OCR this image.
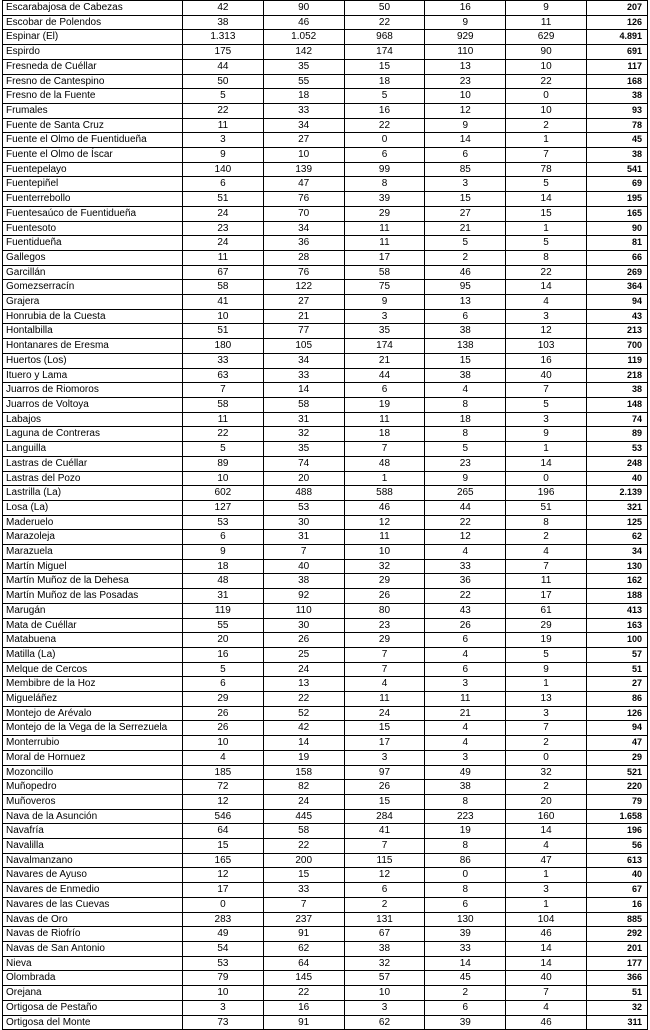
Escarabajosa de Cabezas	42	90	50	16	9	207
Escobar de Polendos	38	46	22	9	11	126
Espinar (El)	1.313	1.052	968	929	629	4.891
Espirdo	175	142	174	110	90	691
Fresneda de Cuéllar	44	35	15	13	10	117
Fresno de Cantespino	50	55	18	23	22	168
Fresno de la Fuente	5	18	5	10	0	38
Frumales	22	33	16	12	10	93
Fuente de Santa Cruz	11	34	22	9	2	78
Fuente el Olmo de Fuentidueña	3	27	0	14	1	45
Fuente el Olmo de Íscar	9	10	6	6	7	38
Fuentepelayo	140	139	99	85	78	541
Fuentepiñel	6	47	8	3	5	69
Fuenterrebollo	51	76	39	15	14	195
Fuentesaúco de Fuentidueña	24	70	29	27	15	165
Fuentesoto	23	34	11	21	1	90
Fuentidueña	24	36	11	5	5	81
Gallegos	11	28	17	2	8	66
Garcillán	67	76	58	46	22	269
Gomezserracín	58	122	75	95	14	364
Grajera	41	27	9	13	4	94
Honrubia de la Cuesta	10	21	3	6	3	43
Hontalbilla	51	77	35	38	12	213
Hontanares de Eresma	180	105	174	138	103	700
Huertos (Los)	33	34	21	15	16	119
Ituero y Lama	63	33	44	38	40	218
Juarros de Riomoros	7	14	6	4	7	38
Juarros de Voltoya	58	58	19	8	5	148
Labajos	11	31	11	18	3	74
Laguna de Contreras	22	32	18	8	9	89
Languilla	5	35	7	5	1	53
Lastras de Cuéllar	89	74	48	23	14	248
Lastras del Pozo	10	20	1	9	0	40
Lastrilla (La)	602	488	588	265	196	2.139
Losa (La)	127	53	46	44	51	321
Maderuelo	53	30	12	22	8	125
Marazoleja	6	31	11	12	2	62
Marazuela	9	7	10	4	4	34
Martín Miguel	18	40	32	33	7	130
Martín Muñoz de la Dehesa	48	38	29	36	11	162
Martín Muñoz de las Posadas	31	92	26	22	17	188
Marugán	119	110	80	43	61	413
Mata de Cuéllar	55	30	23	26	29	163
Matabuena	20	26	29	6	19	100
Matilla (La)	16	25	7	4	5	57
Melque de Cercos	5	24	7	6	9	51
Membibre de la Hoz	6	13	4	3	1	27
Migueláñez	29	22	11	11	13	86
Montejo de Arévalo	26	52	24	21	3	126
Montejo de la Vega de la Serrezuela	26	42	15	4	7	94
Monterrubio	10	14	17	4	2	47
Moral de Hornuez	4	19	3	3	0	29
Mozoncillo	185	158	97	49	32	521
Muñopedro	72	82	26	38	2	220
Muñoveros	12	24	15	8	20	79
Nava de la Asunción	546	445	284	223	160	1.658
Navafría	64	58	41	19	14	196
Navalilla	15	22	7	8	4	56
Navalmanzano	165	200	115	86	47	613
Navares de Ayuso	12	15	12	0	1	40
Navares de Enmedio	17	33	6	8	3	67
Navares de las Cuevas	0	7	2	6	1	16
Navas de Oro	283	237	131	130	104	885
Navas de Riofrío	49	91	67	39	46	292
Navas de San Antonio	54	62	38	33	14	201
Nieva	53	64	32	14	14	177
Olombrada	79	145	57	45	40	366
Orejana	10	22	10	2	7	51
Ortigosa de Pestaño	3	16	3	6	4	32
Ortigosa del Monte	73	91	62	39	46	311
